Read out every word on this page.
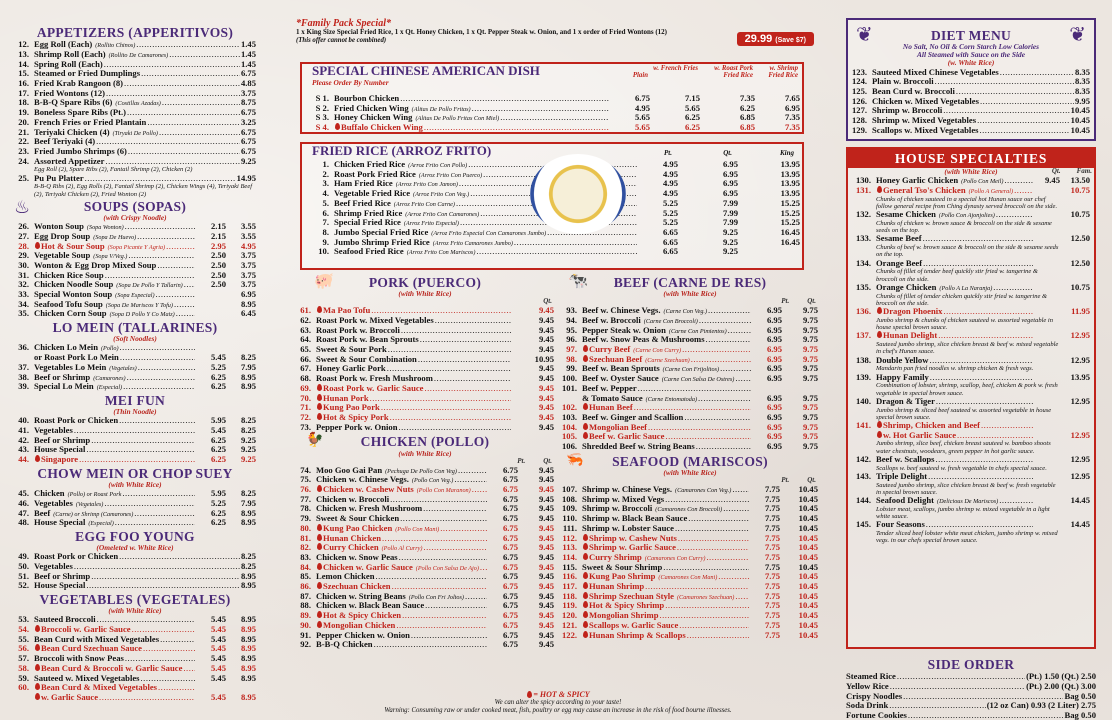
APPETIZERS (APPERITIVOS)
12. Egg Roll (Each) (Rollito Chinos) .....	1.45
13. Shrimp Roll (Each) (Rollito De Camarones) .....	1.45
14. Spring Roll (Each) .....	1.45
15. Steamed or Fried Dumplings .....	6.75
16. Fried Krab Rangoon (8) .....	4.85
17. Fried Wontons (12) .....	3.75
18. B-B-Q Spare Ribs (6) (Costillas Azadas) .....	8.75
19. Boneless Spare Ribs (Pt.) .....	6.75
20. French Fries or Fried Plantain .....	3.25
21. Teriyaki Chicken (4) (Tiryaki De Pollo) .....	6.75
22. Beef Teriyaki (4) .....	6.75
23. Fried Jumbo Shrimps (6) .....	6.75
24. Assorted Appetizer .....	9.25
Egg Roll (2), Spare Ribs (2), Fantail Shrimp (2), Chicken (2)
25. Pu Pu Platter .....	14.95
B-B-Q Ribs (2), Egg Rolls (2), Fantail Shrimp (2), Chicken Wings (4), Teriyaki Beef (2), Teriyaki Chicken (2), Fried Wonton (2)
♨	SOUPS (SOPAS)
(with Crispy Noodle)
26. Wonton Soup (Sopa Wonton) .....	2.15	3.55
27. Egg Drop Soup (Sopa De Huevo) .....	2.15	3.55
28.	Hot & Sour Soup (Sopa Picante Y Agria) .....	2.95	4.95
29. Vegetable Soup (Sopa V/Veg.) .....	2.50	3.75
30. Wonton & Egg Drop Mixed Soup .....	2.50	3.75
31. Chicken Rice Soup .....	2.50	3.75
32. Chicken Noodle Soup (Sopa De Pollo Y Tallarin) .....	2.50	3.75
33. Special Wonton Soup (Sopa Especial) .....	6.95
34. Seafood Tofu Soup (Sopa De Mariscos Y Tofu) .....	8.95
35. Chicken Corn Soup (Sopa D Pollo Y Co Maiz) .....	6.45
LO MEIN (TALLARINES)
(Soft Noodles)
36. Chicken Lo Mein (Pollo)
.....
or Roast Pork Lo Mein .....	5.45	8.25
37. Vegetables Lo Mein (Vegetales) .....	5.25	7.95
38. Beef or Shrimp (Camarones) .....	6.25	8.95
39. Special Lo Mein (Especial) .....	6.25	8.95
MEI FUN
(Thin Noodle)
40. Roast Pork or Chicken .....	5.95	8.25
41. Vegetables .....	5.45	8.25
42. Beef or Shrimp .....	6.25	9.25
43. House Special .....	6.25	9.25
44.	Singapore .....	6.25	9.25
CHOW MEIN OR CHOP SUEY
(with White Rice)
45. Chicken (Pollo) or Roast Pork .....	5.95	8.25
46. Vegetables (Vegetales) .....	5.25	7.95
47. Beef (Carne) or Shrimp (Camarones) .....	6.25	8.95
48. House Special (Especial) .....	6.25	8.95
EGG FOO YOUNG
(Omeleted w. White Rice)
49. Roast Pork or Chicken .....	8.25
50. Vegetables .....	8.25
51. Beef or Shrimp .....	8.95
52. House Special .....	8.95
VEGETABLES (VEGETALES)
(with White Rice)
53. Sauteed Broccoli .....	5.45	8.95
54.	Broccoli w. Garlic Sauce .....	5.45	8.95
55. Bean Curd with Mixed Vegetables .....	5.45	8.95
56.	Bean Curd Szechuan Sauce .....	5.45	8.95
57. Broccoli with Snow Peas .....	5.45	8.95
58.	Bean Curd & Broccoli w. Garlic Sauce .....	5.45	8.95
59. Sauteed w. Mixed Vegetables .....	5.45	8.95
60.	Bean Curd & Mixed Vegetables
.....
w. Garlic Sauce .....	5.45	8.95
*Family Pack Special*
1 x King Size Special Fried Rice, 1 x Qt. Honey Chicken, 1 x Qt. Pepper Steak w. Onion, and 1 x order of Fried Wontons (12)
(This offer cannot be combined)	29.99 (Save $7)
SPECIAL CHINESE AMERICAN DISH
Please Order By Number
Plain
w. French Fries	w. Roast Pork Fried Rice
w. Shrimp Fried Rice
S 1. Bourbon Chicken .....	6.75	7.15	7.35	7.65
S 2. Fried Chicken Wing (Alitas De Pollo Fritas) .....	4.95	5.65	6.25	6.95
S 3. Honey Chicken Wing (Alitas De Pollo Fritas Con Miel) .....	5.65	6.25	6.85	7.35
S 4.	Buffalo Chicken Wing .....	5.65	6.25	6.85	7.35
FRIED RICE (ARROZ FRITO)	Pt.	Qt.	King
1. Chicken Fried Rice (Arroz Frito Con Pollo) .....	4.95	6.95	13.95
2. Roast Pork Fried Rice (Arroz Frito Con Puerco) .....	4.95	6.95	13.95
3. Ham Fried Rice (Arroz Frito Con Jamon) .....	4.95	6.95	13.95
4. Vegetable Fried Rice (Arroz Frito Con Veg.) .....	4.95	6.95	13.95
5. Beef Fried Rice (Arroz Frito Con Carne) .....	5.25	7.99	15.25
6. Shrimp Fried Rice (Arroz Frito Con Camarones) .....	5.25	7.99	15.25
7. Special Fried Rice (Arroz Frito Especial) .....	5.25	7.99	15.25
8. Jumbo Special Fried Rice (Arroz Frito Especial Con Camarones Jumbo) .....	6.65	9.25	16.45
9. Jumbo Shrimp Fried Rice (Arroz Frito Camarones Jumbo) .....	6.65	9.25	16.45
10. Seafood Fried Rice (Arroz Frito Con Mariscos) .....	6.65	9.25
🐖	PORK (PUERCO)
(with White Rice)
Qt.
61.	Ma Pao Tofu .....	9.45
62. Roast Pork w. Mixed Vegetables .....	9.45
63. Roast Pork w. Broccoli .....	9.45
64. Roast Pork w. Bean Sprouts .....	9.45
65. Sweet & Sour Pork .....	9.45
66. Sweet & Sour Combination .....	10.95
67. Honey Garlic Pork .....	9.45
68. Roast Pork w. Fresh Mushroom .....	9.45
69.	Roast Pork w. Garlic Sauce .....	9.45
70.	Hunan Pork .....	9.45
71.	Kung Pao Pork .....	9.45
72.	Hot & Spicy Pork .....	9.45
73. Pepper Pork w. Onion .....	9.45
🐓	CHICKEN (POLLO)
(with White Rice)
Pt.	Qt.
74. Moo Goo Gai Pan (Pechuga De Pollo Con Veg) .....	6.75	9.45
75. Chicken w. Chinese Vegs. (Pollo Con Veg.) .....	6.75	9.45
76.	Chicken w. Cashew Nuts (Pollo Con Maranon) .....	6.75	9.45
77. Chicken w. Broccoli .....	6.75	9.45
78. Chicken w. Fresh Mushroom .....	6.75	9.45
79. Sweet & Sour Chicken .....	6.75	9.45
80.	Kung Pao Chicken (Pollo Con Mani) .....	6.75	9.45
81.	Hunan Chicken .....	6.75	9.45
82.	Curry Chicken (Pollo Al Curry) .....	6.75	9.45
83. Chicken w. Snow Peas .....	6.75	9.45
84.	Chicken w. Garlic Sauce (Pollo Con Salsa De Ajo) .....	6.75	9.45
85. Lemon Chicken .....	6.75	9.45
86.	Szechuan Chicken .....	6.75	9.45
87. Chicken w. String Beans (Pollo Con Fri Joltos) .....	6.75	9.45
88. Chicken w. Black Bean Sauce .....	6.75	9.45
89.	Hot & Spicy Chicken .....	6.75	9.45
90.	Mongolian Chicken .....	6.75	9.45
91. Pepper Chicken w. Onion .....	6.75	9.45
92. B-B-Q Chicken .....	6.75	9.45
🐄	BEEF (CARNE DE RES)
(with White Rice)
Pt.	Qt.
93. Beef w. Chinese Vegs. (Carne Con Veg.) .....	6.95	9.75
94. Beef w. Broccoli (Carne Con Broccoli) .....	6.95	9.75
95. Pepper Steak w. Onion (Carne Con Pimientos) .....	6.95	9.75
96. Beef w. Snow Peas & Mushrooms .....	6.95	9.75
97.	Curry Beef (Carne Con Curry) .....	6.95	9.75
98.	Szechuan Beef (Carne Szechuan) .....	6.95	9.75
99. Beef w. Bean Sprouts (Carne Con Frijolitos) .....	6.95	9.75
100. Beef w. Oyster Sauce (Carne Con Salsa De Ostres) .....	6.95	9.75
101. Beef w. Pepper
.....
& Tomato Sauce (Carne Entomatoda) .....	6.95	9.75
102.	Hunan Beef .....	6.95	9.75
103. Beef w. Ginger and Scallion .....	6.95	9.75
104.	Mongolian Beef .....	6.95	9.75
105.	Beef w. Garlic Sauce .....	6.95	9.75
106. Shredded Beef w. String Beans .....	6.95	9.75
🦐	SEAFOOD (MARISCOS)
(with White Rice)
Pt.	Qt.
107. Shrimp w. Chinese Vegs. (Camarones Con Veg.) .....	7.75	10.45
108. Shrimp w. Mixed Vegs .....	7.75	10.45
109. Shrimp w. Broccoli (Camarones Con Broccoli) .....	7.75	10.45
110. Shrimp w. Black Bean Sauce .....	7.75	10.45
111. Shrimp w. Lobster Sauce .....	7.75	10.45
112.	Shrimp w. Cashew Nuts .....	7.75	10.45
113.	Shrimp w. Garlic Sauce .....	7.75	10.45
114.	Curry Shrimp (Camarones Con Curry) .....	7.75	10.45
115. Sweet & Sour Shrimp .....	7.75	10.45
116.	Kung Pao Shrimp (Camarones Con Mani) .....	7.75	10.45
117.	Hunan Shrimp .....	7.75	10.45
118.	Shrimp Szechuan Style (Camarones Szechuan) .....	7.75	10.45
119.	Hot & Spicy Shrimp .....	7.75	10.45
120.	Mongolian Shrimp .....	7.75	10.45
121.	Scallops w. Garlic Sauce .....	7.75	10.45
122.	Hunan Shrimp & Scallops .....	7.75	10.45
= HOT & SPICY
We can alter the spicy according to your taste!
Warning: Consuming raw or under cooked meat, fish, poultry or egg may cause an increase in the risk of food bourne illnesses.
DIET MENU
No Salt, No Oil & Corn Starch Low Calories
All Steamed with Sauce on the Side
(w. White Rice)
123. Sauteed Mixed Chinese Vegetables .....	8.35
124. Plain w. Broccoli .....	8.35
125. Bean Curd w. Broccoli .....	8.35
126. Chicken w. Mixed Vegetables .....	9.95
127. Shrimp w. Broccoli .....	10.45
128. Shrimp w. Mixed Vegetables .....	10.45
129. Scallops w. Mixed Vegetables .....	10.45
❦	❦
HOUSE SPECIALTIES
(with White Rice)	Qt. Fam.
130. Honey Garlic Chicken (Pollo Con Meil) .....	9.45	13.50
131.	General Tso's Chicken (Pollo A General) .....	10.75
Chunks of chicken sauteed in a special hot Hunan sauce our chef follow general recipe from Ching dynasty served broccoli on the side.
132. Sesame Chicken (Pollo Con Ajonjolies) .....	10.75
Chunks of chicken w. brown sauce & broccoli on the side & sesame seeds on the top.
133. Sesame Beef .....	12.50
Chunks of beef w. brown sauce & broccoli on the side & sesame seeds on the top.
134. Orange Beef .....	12.50
Chunks of fillet of tender beef quickly stir fried w. tangerine & broccoli on the side.
135. Orange Chicken (Pollo A La Naranja) .....	10.75
Chunks of fillet of tender chicken quickly stir fried w. tangerine & broccoli on the side.
136.	Dragon Phoenix .....	11.95
Jumbo shrimp & chunks of chicken sauteed w. assorted vegetable in house special brown sauce.
137.	Hunan Delight .....	12.95
Sauteed jumbo shrimp, slice chicken breast & beef w. mixed vegetable in chef's Hunan sauce.
138. Double Yellow .....	12.95
Mandarin pan fried noodles w. shrimp chicken & fresh vegs.
139. Happy Family .....	13.95
Combination of lobster, shrimp, scallop, beef, chicken & pork w. fresh vegetable in special brown sauce.
140. Dragon & Tiger .....	12.95
Jumbo shrimp & sliced beef sauteed w. assorted vegetable in house special brown sauce.
141.	Shrimp, Chicken and Beef
.....
w. Hot Garlic Sauce .....	12.95
Jumbo shrimp, slice beef, chicken breast sauteed w. bamboo shoots water chestnuts, woodears, green pepper in hot garlic sauce.
142. Beef w. Scallops .....	12.95
Scallops w. beef sauteed w. fresh vegetable in chefs special sauce.
143. Triple Delight .....	12.95
Sauteed jumbo shrimp, slice chicken breast & beef w. fresh vegetable in special brown sauce.
144. Seafood Delight (Delicious De Mariscos) .....	14.45
Lobster meat, scallops, jumbo shrimp w. mixed vegetable in a light white sauce.
145. Four Seasons .....	14.45
Tender sliced beef lobster white meat chicken, jumbo shrimp w. mixed vegs. in our chefs special brown sauce.
SIDE ORDER
Steamed Rice .....	(Pt.) 1.50 (Qt.) 2.50
Yellow Rice .....	(Pt.) 2.00 (Qt.) 3.00
Crispy Noodles .....	Bag 0.50
Soda Drink .....	(12 oz Can) 0.93 (2 Liter) 2.75
Fortune Cookies .....	Bag 0.50
